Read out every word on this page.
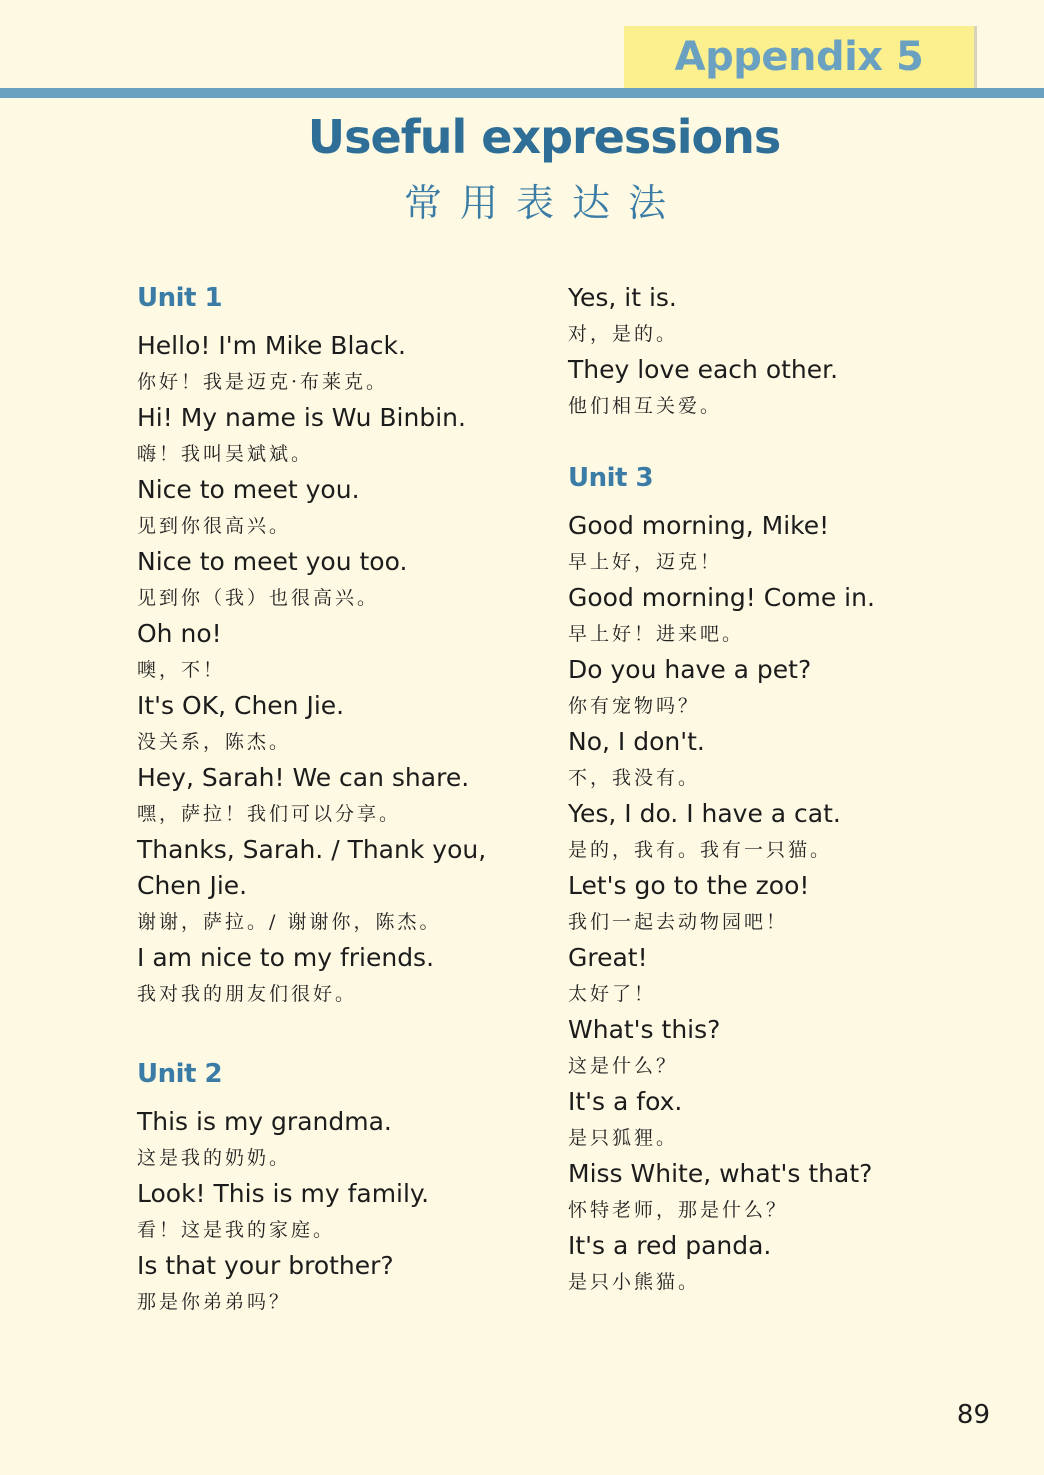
Appendix 5
Useful expressions
常用表达法
Unit 1
Hello! I'm Mike Black.
你好！我是迈克·布莱克。
Hi! My name is Wu Binbin.
嗨！我叫吴斌斌。
Nice to meet you.
见到你很高兴。
Nice to meet you too.
见到你（我）也很高兴。
Oh no!
噢，不！
It's OK, Chen Jie.
没关系，陈杰。
Hey, Sarah! We can share.
嘿，萨拉！我们可以分享。
Thanks, Sarah. / Thank you, Chen Jie.
谢谢，萨拉。/ 谢谢你，陈杰。
I am nice to my friends.
我对我的朋友们很好。
Unit 2
This is my grandma.
这是我的奶奶。
Look! This is my family.
看！这是我的家庭。
Is that your brother?
那是你弟弟吗？
Yes, it is.
对，是的。
They love each other.
他们相互关爱。
Unit 3
Good morning, Mike!
早上好，迈克！
Good morning! Come in.
早上好！进来吧。
Do you have a pet?
你有宠物吗？
No, I don't.
不，我没有。
Yes, I do. I have a cat.
是的，我有。我有一只猫。
Let's go to the zoo!
我们一起去动物园吧！
Great!
太好了！
What's this?
这是什么？
It's a fox.
是只狐狸。
Miss White, what's that?
怀特老师，那是什么？
It's a red panda.
是只小熊猫。
89
